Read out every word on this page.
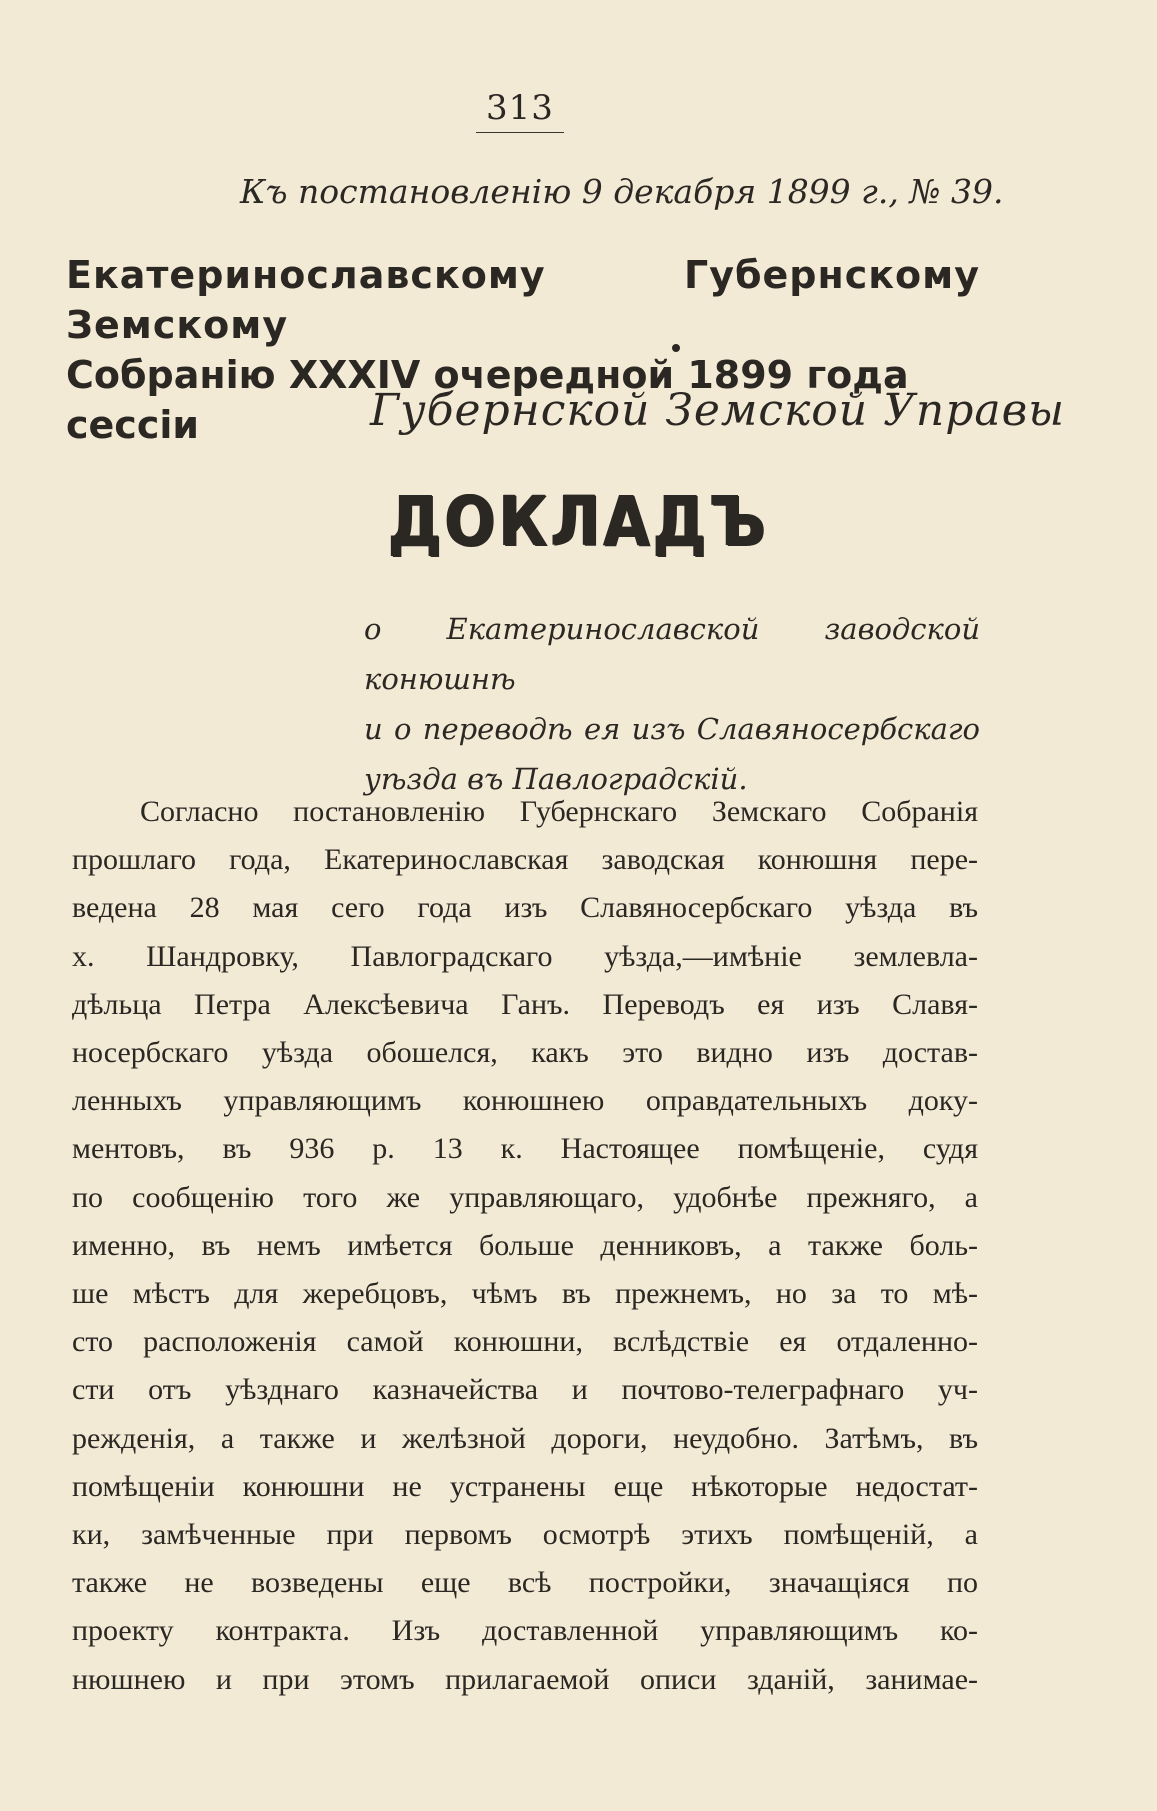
313
Къ постановленію 9 декабря 1899 г., № 39.
Екатеринославскому Губернскому Земскому
Собранію XXXIV очередной 1899 года сессіи	Губернской Земской Управы
ДОКЛАДЪ
о Екатеринославской заводской конюшнѣ
и о переводѣ ея изъ Славяносербскаго
уѣзда въ Павлоградскій.
Согласно постановленію Губернскаго Земскаго Собранія
прошлаго года, Екатеринославская заводская конюшня пере-
ведена 28 мая сего года изъ Славяносербскаго уѣзда въ
х. Шандровку, Павлоградскаго уѣзда,—имѣніе землевла-
дѣльца Петра Алексѣевича Ганъ. Переводъ ея изъ Славя-
носербскаго уѣзда обошелся, какъ это видно изъ достав-
ленныхъ управляющимъ конюшнею оправдательныхъ доку-
ментовъ, въ 936 р. 13 к. Настоящее помѣщеніе, судя
по сообщенію того же управляющаго, удобнѣе прежняго, а
именно, въ немъ имѣется больше денниковъ, а также боль-
ше мѣстъ для жеребцовъ, чѣмъ въ прежнемъ, но за то мѣ-
сто расположенія самой конюшни, вслѣдствіе ея отдаленно-
сти отъ уѣзднаго казначейства и почтово-телеграфнаго уч-
режденія, а также и желѣзной дороги, неудобно. Затѣмъ, въ
помѣщеніи конюшни не устранены еще нѣкоторые недостат-
ки, замѣченные при первомъ осмотрѣ этихъ помѣщеній, а
также не возведены еще всѣ постройки, значащіяся по
проекту контракта. Изъ доставленной управляющимъ ко-
нюшнею и при этомъ прилагаемой описи зданій, занимае-
